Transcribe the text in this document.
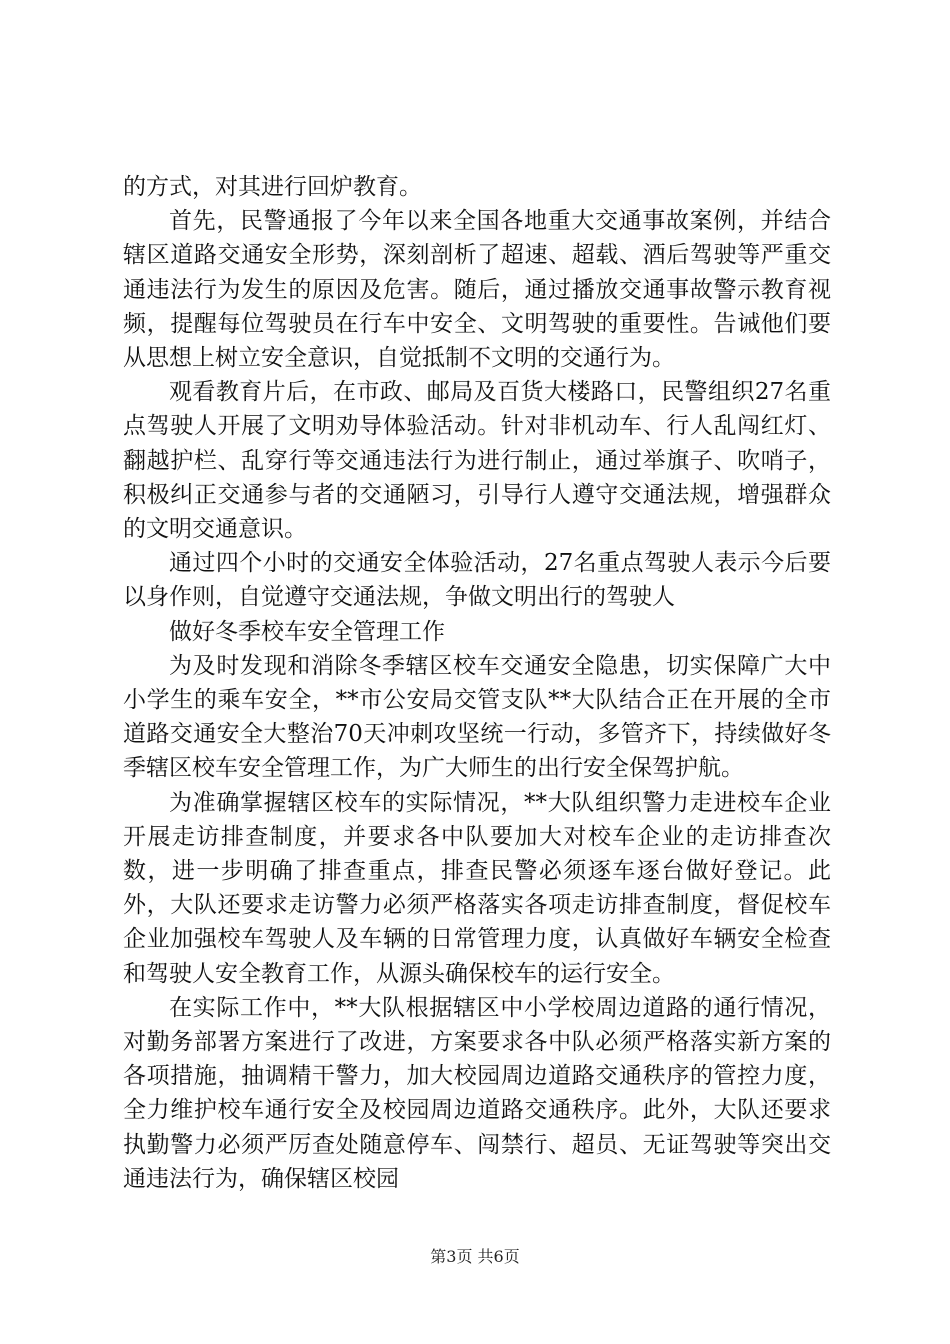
的方式，对其进行回炉教育。

首先，民警通报了今年以来全国各地重大交通事故案例，并结合辖区道路交通安全形势，深刻剖析了超速、超载、酒后驾驶等严重交通违法行为发生的原因及危害。随后，通过播放交通事故警示教育视频，提醒每位驾驶员在行车中安全、文明驾驶的重要性。告诫他们要从思想上树立安全意识，自觉抵制不文明的交通行为。

观看教育片后，在市政、邮局及百货大楼路口，民警组织27名重点驾驶人开展了文明劝导体验活动。针对非机动车、行人乱闯红灯、翻越护栏、乱穿行等交通违法行为进行制止，通过举旗子、吹哨子，积极纠正交通参与者的交通陋习，引导行人遵守交通法规，增强群众的文明交通意识。

通过四个小时的交通安全体验活动，27名重点驾驶人表示今后要以身作则，自觉遵守交通法规，争做文明出行的驾驶人

做好冬季校车安全管理工作

为及时发现和消除冬季辖区校车交通安全隐患，切实保障广大中小学生的乘车安全，**市公安局交管支队**大队结合正在开展的全市道路交通安全大整治70天冲刺攻坚统一行动，多管齐下，持续做好冬季辖区校车安全管理工作，为广大师生的出行安全保驾护航。

为准确掌握辖区校车的实际情况，**大队组织警力走进校车企业开展走访排查制度，并要求各中队要加大对校车企业的走访排查次数，进一步明确了排查重点，排查民警必须逐车逐台做好登记。此外，大队还要求走访警力必须严格落实各项走访排查制度，督促校车企业加强校车驾驶人及车辆的日常管理力度，认真做好车辆安全检查和驾驶人安全教育工作，从源头确保校车的运行安全。

在实际工作中，**大队根据辖区中小学校周边道路的通行情况，对勤务部署方案进行了改进，方案要求各中队必须严格落实新方案的各项措施，抽调精干警力，加大校园周边道路交通秩序的管控力度，全力维护校车通行安全及校园周边道路交通秩序。此外，大队还要求执勤警力必须严厉查处随意停车、闯禁行、超员、无证驾驶等突出交通违法行为，确保辖区校园

第3页 共6页
